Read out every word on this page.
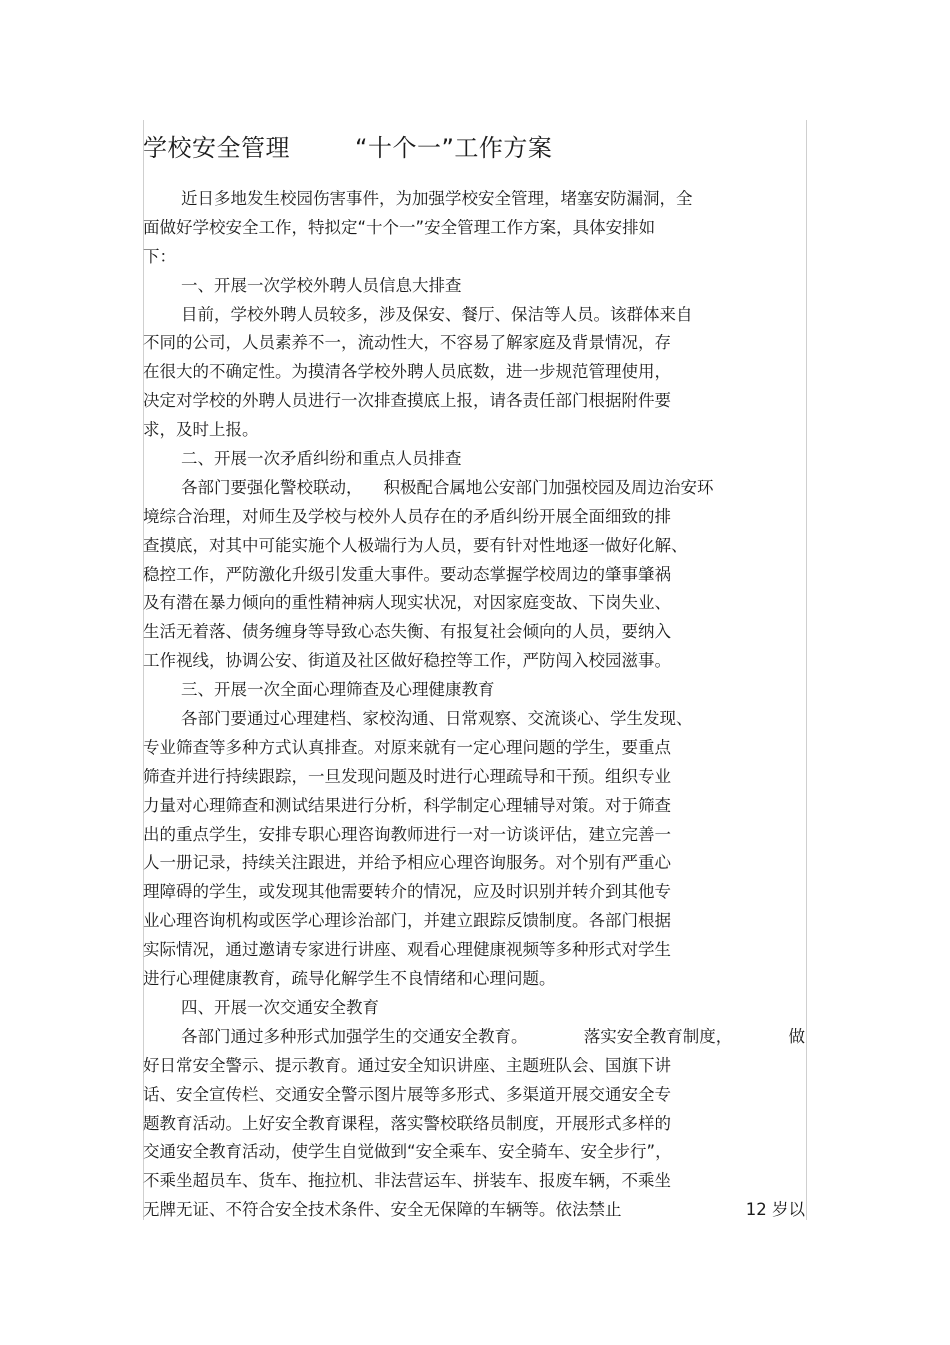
学校安全管理        “十个一”工作方案
近日多地发生校园伤害事件，为加强学校安全管理，堵塞安防漏洞，全
面做好学校安全工作，特拟定“十个一”安全管理工作方案，具体安排如
下：
一、开展一次学校外聘人员信息大排查
目前，学校外聘人员较多，涉及保安、餐厅、保洁等人员。该群体来自
不同的公司，人员素养不一，流动性大，不容易了解家庭及背景情况，存
在很大的不确定性。为摸清各学校外聘人员底数，进一步规范管理使用，
决定对学校的外聘人员进行一次排查摸底上报，请各责任部门根据附件要
求，及时上报。
二、开展一次矛盾纠纷和重点人员排查
各部门要强化警校联动，    积极配合属地公安部门加强校园及周边治安环
境综合治理，对师生及学校与校外人员存在的矛盾纠纷开展全面细致的排
查摸底，对其中可能实施个人极端行为人员，要有针对性地逐一做好化解、
稳控工作，严防激化升级引发重大事件。要动态掌握学校周边的肇事肇祸
及有潜在暴力倾向的重性精神病人现实状况，对因家庭变故、下岗失业、
生活无着落、债务缠身等导致心态失衡、有报复社会倾向的人员，要纳入
工作视线，协调公安、街道及社区做好稳控等工作，严防闯入校园滋事。
三、开展一次全面心理筛查及心理健康教育
各部门要通过心理建档、家校沟通、日常观察、交流谈心、学生发现、
专业筛查等多种方式认真排查。对原来就有一定心理问题的学生，要重点
筛查并进行持续跟踪，一旦发现问题及时进行心理疏导和干预。组织专业
力量对心理筛查和测试结果进行分析，科学制定心理辅导对策。对于筛查
出的重点学生，安排专职心理咨询教师进行一对一访谈评估，建立完善一
人一册记录，持续关注跟进，并给予相应心理咨询服务。对个别有严重心
理障碍的学生，或发现其他需要转介的情况，应及时识别并转介到其他专
业心理咨询机构或医学心理诊治部门，并建立跟踪反馈制度。各部门根据
实际情况，通过邀请专家进行讲座、观看心理健康视频等多种形式对学生
进行心理健康教育，疏导化解学生不良情绪和心理问题。
四、开展一次交通安全教育
各部门通过多种形式加强学生的交通安全教育。	落实安全教育制度，	做
好日常安全警示、提示教育。通过安全知识讲座、主题班队会、国旗下讲
话、安全宣传栏、交通安全警示图片展等多形式、多渠道开展交通安全专
题教育活动。上好安全教育课程，落实警校联络员制度，开展形式多样的
交通安全教育活动，使学生自觉做到“安全乘车、安全骑车、安全步行”，
不乘坐超员车、货车、拖拉机、非法营运车、拼装车、报废车辆，不乘坐
无牌无证、不符合安全技术条件、安全无保障的车辆等。依法禁止	12 岁以
